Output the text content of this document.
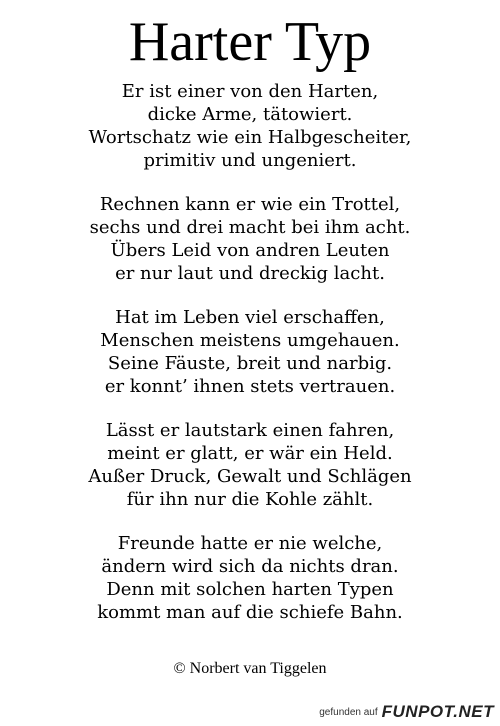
Harter Typ
Er ist einer von den Harten,
dicke Arme, tätowiert.
Wortschatz wie ein Halbgescheiter,
primitiv und ungeniert.
Rechnen kann er wie ein Trottel,
sechs und drei macht bei ihm acht.
Übers Leid von andren Leuten
er nur laut und dreckig lacht.
Hat im Leben viel erschaffen,
Menschen meistens umgehauen.
Seine Fäuste, breit und narbig.
er konnt’ ihnen stets vertrauen.
Lässt er lautstark einen fahren,
meint er glatt, er wär ein Held.
Außer Druck, Gewalt und Schlägen
für ihn nur die Kohle zählt.
Freunde hatte er nie welche,
ändern wird sich da nichts dran.
Denn mit solchen harten Typen
kommt man auf die schiefe Bahn.
© Norbert van Tiggelen
gefunden auf FUNPOT.NET
